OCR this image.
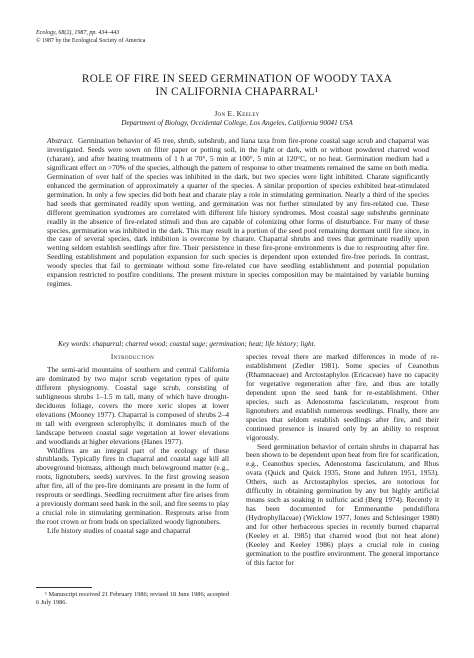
Ecology, 68(2), 1987, pp. 434–443
© 1987 by the Ecological Society of America
ROLE OF FIRE IN SEED GERMINATION OF WOODY TAXA
IN CALIFORNIA CHAPARRAL¹
Jon E. Keeley
Department of Biology, Occidental College, Los Angeles, California 90041 USA
Abstract. Germination behavior of 45 tree, shrub, subshrub, and liana taxa from fire-prone coastal sage scrub and chaparral was investigated. Seeds were sown on filter paper or potting soil, in the light or dark, with or without powdered charred wood (charate), and after heating treatments of 1 h at 70°, 5 min at 100°, 5 min at 120°C, or no heat. Germination medium had a significant effect on >70% of the species, although the pattern of response to other treatments remained the same on both media. Germination of over half of the species was inhibited in the dark, but two species were light inhibited. Charate significantly enhanced the germination of approximately a quarter of the species. A similar proportion of species exhibited heat-stimulated germination. In only a few species did both heat and charate play a role in stimulating germination. Nearly a third of the species had seeds that germinated readily upon wetting, and germination was not further stimulated by any fire-related cue. These different germination syndromes are correlated with different life history syndromes. Most coastal sage subshrubs germinate readily in the absence of fire-related stimuli and thus are capable of colonizing other forms of disturbance. For many of these species, germination was inhibited in the dark. This may result in a portion of the seed pool remaining dormant until fire since, in the case of several species, dark inhibition is overcome by charate. Chaparral shrubs and trees that germinate readily upon wetting seldom establish seedlings after fire. Their persistence in these fire-prone environments is due to resprouting after fire. Seedling establishment and population expansion for such species is dependent upon extended fire-free periods. In contrast, woody species that fail to germinate without some fire-related cue have seedling establishment and potential population expansion restricted to postfire conditions. The present mixture in species composition may be maintained by variable burning regimes.
Key words: chaparral; charred wood; coastal sage; germination; heat; life history; light.
Introduction

The semi-arid mountains of southern and central California are dominated by two major scrub vegetation types of quite different physiognomy. Coastal sage scrub, consisting of subligneous shrubs 1–1.5 m tall, many of which have drought-deciduous foliage, covers the more xeric slopes at lower elevations (Mooney 1977). Chaparral is composed of shrubs 2–4 m tall with evergreen sclerophylls; it dominates much of the landscape between coastal sage vegetation at lower elevations and woodlands at higher elevations (Hanes 1977).

Wildfires are an integral part of the ecology of these shrublands. Typically fires in chaparral and coastal sage kill all aboveground biomass, although much belowground matter (e.g., roots, lignotubers, seeds) survives. In the first growing season after fire, all of the pre-fire dominants are present in the form of resprouts or seedlings. Seedling recruitment after fire arises from a previously dormant seed bank in the soil, and fire seems to play a crucial role in stimulating germination. Resprouts arise from the root crown or from buds on specialized woody lignotubers.

Life history studies of coastal sage and chaparral

species reveal there are marked differences in mode of re-establishment (Zedler 1981). Some species of Ceanothus (Rhamnaceae) and Arctostaphylos (Ericaceae) have no capacity for vegetative regeneration after fire, and thus are totally dependent upon the seed bank for re-establishment. Other species, such as Adenostoma fasciculatum, resprout from lignotubers and establish numerous seedlings. Finally, there are species that seldom establish seedlings after fire, and their continued presence is insured only by an ability to resprout vigorously.

Seed germination behavior of certain shrubs in chaparral has been shown to be dependent upon heat from fire for scarification, e.g., Ceanothus species, Adenostoma fasciculatum, and Rhus ovata (Quick and Quick 1935, Stone and Juhren 1951, 1953). Others, such as Arctostaphylos species, are notorious for difficulty in obtaining germination by any but highly artificial means such as soaking in sulfuric acid (Berg 1974). Recently it has been documented for Emmenanthe penduliflora (Hydrophyllaceae) (Wicklow 1977, Jones and Schlesinger 1980) and for other herbaceous species in recently burned chaparral (Keeley et al. 1985) that charred wood (but not heat alone) (Keeley and Keeley 1986) plays a crucial role in cueing germination to the postfire environment. The general importance of this factor for

¹ Manuscript received 21 February 1986; revised 18 June 1986; accepted 6 July 1986.
